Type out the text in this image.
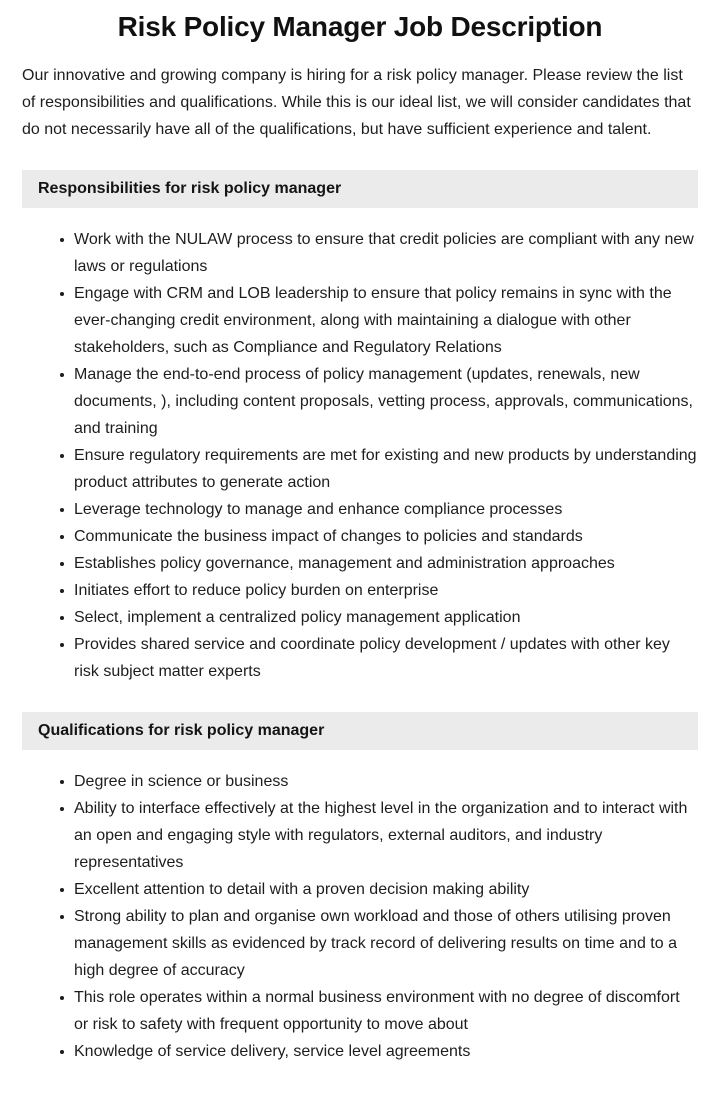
Risk Policy Manager Job Description

Our innovative and growing company is hiring for a risk policy manager. Please review the list of responsibilities and qualifications. While this is our ideal list, we will consider candidates that do not necessarily have all of the qualifications, but have sufficient experience and talent.

Responsibilities for risk policy manager
Work with the NULAW process to ensure that credit policies are compliant with any new laws or regulations
Engage with CRM and LOB leadership to ensure that policy remains in sync with the ever-changing credit environment, along with maintaining a dialogue with other stakeholders, such as Compliance and Regulatory Relations
Manage the end-to-end process of policy management (updates, renewals, new documents, ), including content proposals, vetting process, approvals, communications, and training
Ensure regulatory requirements are met for existing and new products by understanding product attributes to generate action
Leverage technology to manage and enhance compliance processes
Communicate the business impact of changes to policies and standards
Establishes policy governance, management and administration approaches
Initiates effort to reduce policy burden on enterprise
Select, implement a centralized policy management application
Provides shared service and coordinate policy development / updates with other key risk subject matter experts
Qualifications for risk policy manager
Degree in science or business
Ability to interface effectively at the highest level in the organization and to interact with an open and engaging style with regulators, external auditors, and industry representatives
Excellent attention to detail with a proven decision making ability
Strong ability to plan and organise own workload and those of others utilising proven management skills as evidenced by track record of delivering results on time and to a high degree of accuracy
This role operates within a normal business environment with no degree of discomfort or risk to safety with frequent opportunity to move about
Knowledge of service delivery, service level agreements
